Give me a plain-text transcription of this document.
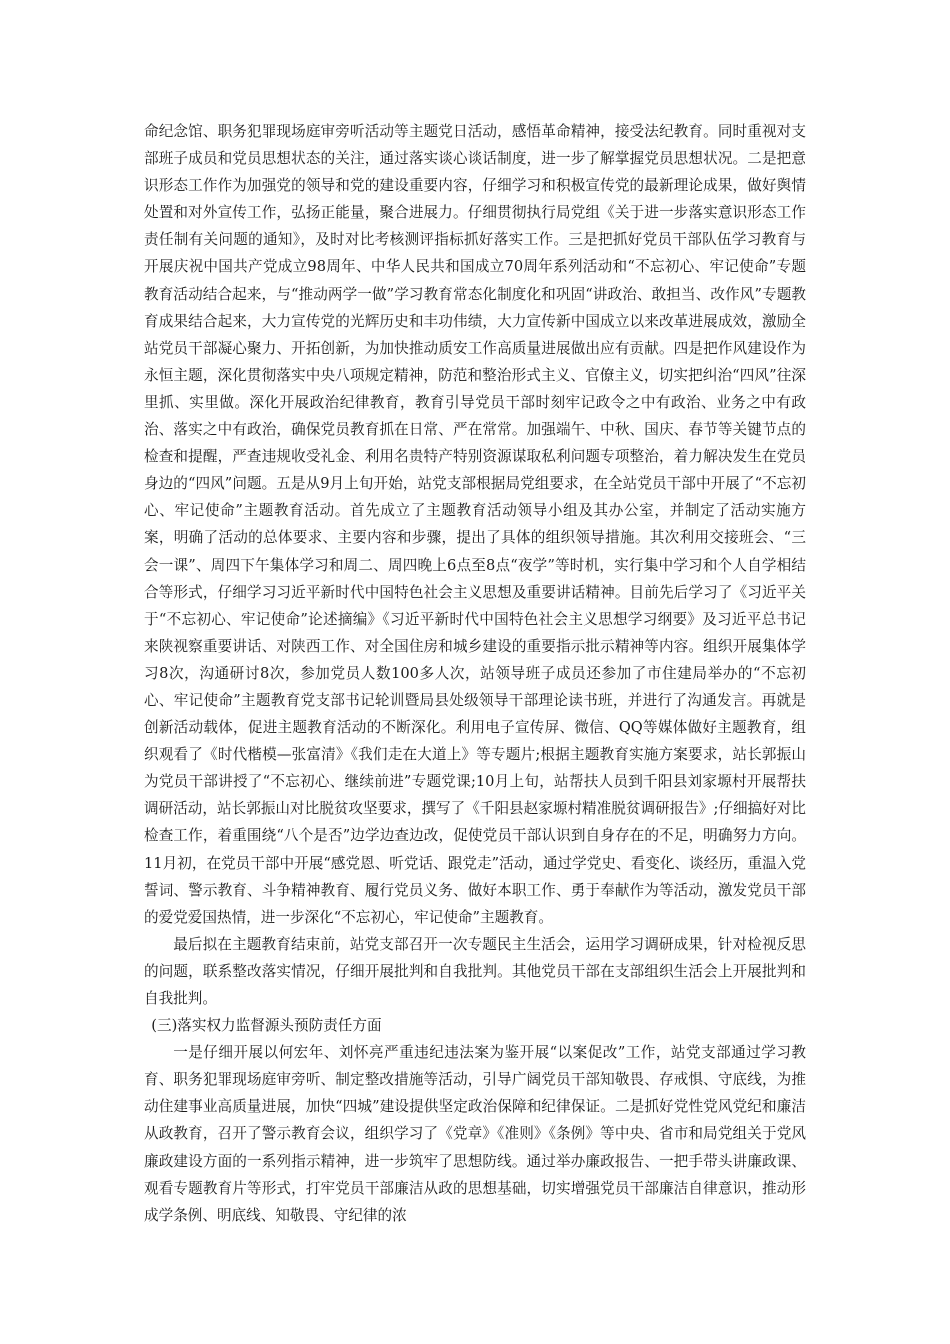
命纪念馆、职务犯罪现场庭审旁听活动等主题党日活动，感悟革命精神，接受法纪教育。同时重视对支部班子成员和党员思想状态的关注，通过落实谈心谈话制度，进一步了解掌握党员思想状况。二是把意识形态工作作为加强党的领导和党的建设重要内容，仔细学习和积极宣传党的最新理论成果，做好舆情处置和对外宣传工作，弘扬正能量，聚合进展力。仔细贯彻执行局党组《关于进一步落实意识形态工作责任制有关问题的通知》，及时对比考核测评指标抓好落实工作。三是把抓好党员干部队伍学习教育与开展庆祝中国共产党成立98周年、中华人民共和国成立70周年系列活动和“不忘初心、牢记使命”专题教育活动结合起来，与“推动两学一做”学习教育常态化制度化和巩固“讲政治、敢担当、改作风”专题教育成果结合起来，大力宣传党的光辉历史和丰功伟绩，大力宣传新中国成立以来改革进展成效，激励全站党员干部凝心聚力、开拓创新，为加快推动质安工作高质量进展做出应有贡献。四是把作风建设作为永恒主题，深化贯彻落实中央八项规定精神，防范和整治形式主义、官僚主义，切实把纠治“四风”往深里抓、实里做。深化开展政治纪律教育，教育引导党员干部时刻牢记政令之中有政治、业务之中有政治、落实之中有政治，确保党员教育抓在日常、严在常常。加强端午、中秋、国庆、春节等关键节点的检查和提醒，严查违规收受礼金、利用名贵特产特别资源谋取私利问题专项整治，着力解决发生在党员身边的“四风”问题。五是从9月上旬开始，站党支部根据局党组要求，在全站党员干部中开展了“不忘初心、牢记使命”主题教育活动。首先成立了主题教育活动领导小组及其办公室，并制定了活动实施方案，明确了活动的总体要求、主要内容和步骤，提出了具体的组织领导措施。其次利用交接班会、“三会一课”、周四下午集体学习和周二、周四晚上6点至8点“夜学”等时机，实行集中学习和个人自学相结合等形式，仔细学习习近平新时代中国特色社会主义思想及重要讲话精神。目前先后学习了《习近平关于“不忘初心、牢记使命”论述摘编》《习近平新时代中国特色社会主义思想学习纲要》及习近平总书记来陕视察重要讲话、对陕西工作、对全国住房和城乡建设的重要指示批示精神等内容。组织开展集体学习8次，沟通研讨8次，参加党员人数100多人次，站领导班子成员还参加了市住建局举办的“不忘初心、牢记使命”主题教育党支部书记轮训暨局县处级领导干部理论读书班，并进行了沟通发言。再就是创新活动载体，促进主题教育活动的不断深化。利用电子宣传屏、微信、QQ等媒体做好主题教育，组织观看了《时代楷模—张富清》《我们走在大道上》等专题片;根据主题教育实施方案要求，站长郭振山为党员干部讲授了“不忘初心、继续前进”专题党课;10月上旬，站帮扶人员到千阳县刘家塬村开展帮扶调研活动，站长郭振山对比脱贫攻坚要求，撰写了《千阳县赵家塬村精准脱贫调研报告》;仔细搞好对比检查工作，着重围绕“八个是否”边学边查边改，促使党员干部认识到自身存在的不足，明确努力方向。11月初，在党员干部中开展“感党恩、听党话、跟党走”活动，通过学党史、看变化、谈经历，重温入党誓词、警示教育、斗争精神教育、履行党员义务、做好本职工作、勇于奉献作为等活动，激发党员干部的爱党爱国热情，进一步深化“不忘初心，牢记使命”主题教育。

最后拟在主题教育结束前，站党支部召开一次专题民主生活会，运用学习调研成果，针对检视反思的问题，联系整改落实情况，仔细开展批判和自我批判。其他党员干部在支部组织生活会上开展批判和自我批判。

(三)落实权力监督源头预防责任方面

一是仔细开展以何宏年、刘怀亮严重违纪违法案为鉴开展“以案促改”工作，站党支部通过学习教育、职务犯罪现场庭审旁听、制定整改措施等活动，引导广阔党员干部知敬畏、存戒惧、守底线，为推动住建事业高质量进展，加快“四城”建设提供坚定政治保障和纪律保证。二是抓好党性党风党纪和廉洁从政教育，召开了警示教育会议，组织学习了《党章》《准则》《条例》等中央、省市和局党组关于党风廉政建设方面的一系列指示精神，进一步筑牢了思想防线。通过举办廉政报告、一把手带头讲廉政课、观看专题教育片等形式，打牢党员干部廉洁从政的思想基础，切实增强党员干部廉洁自律意识，推动形成学条例、明底线、知敬畏、守纪律的浓
